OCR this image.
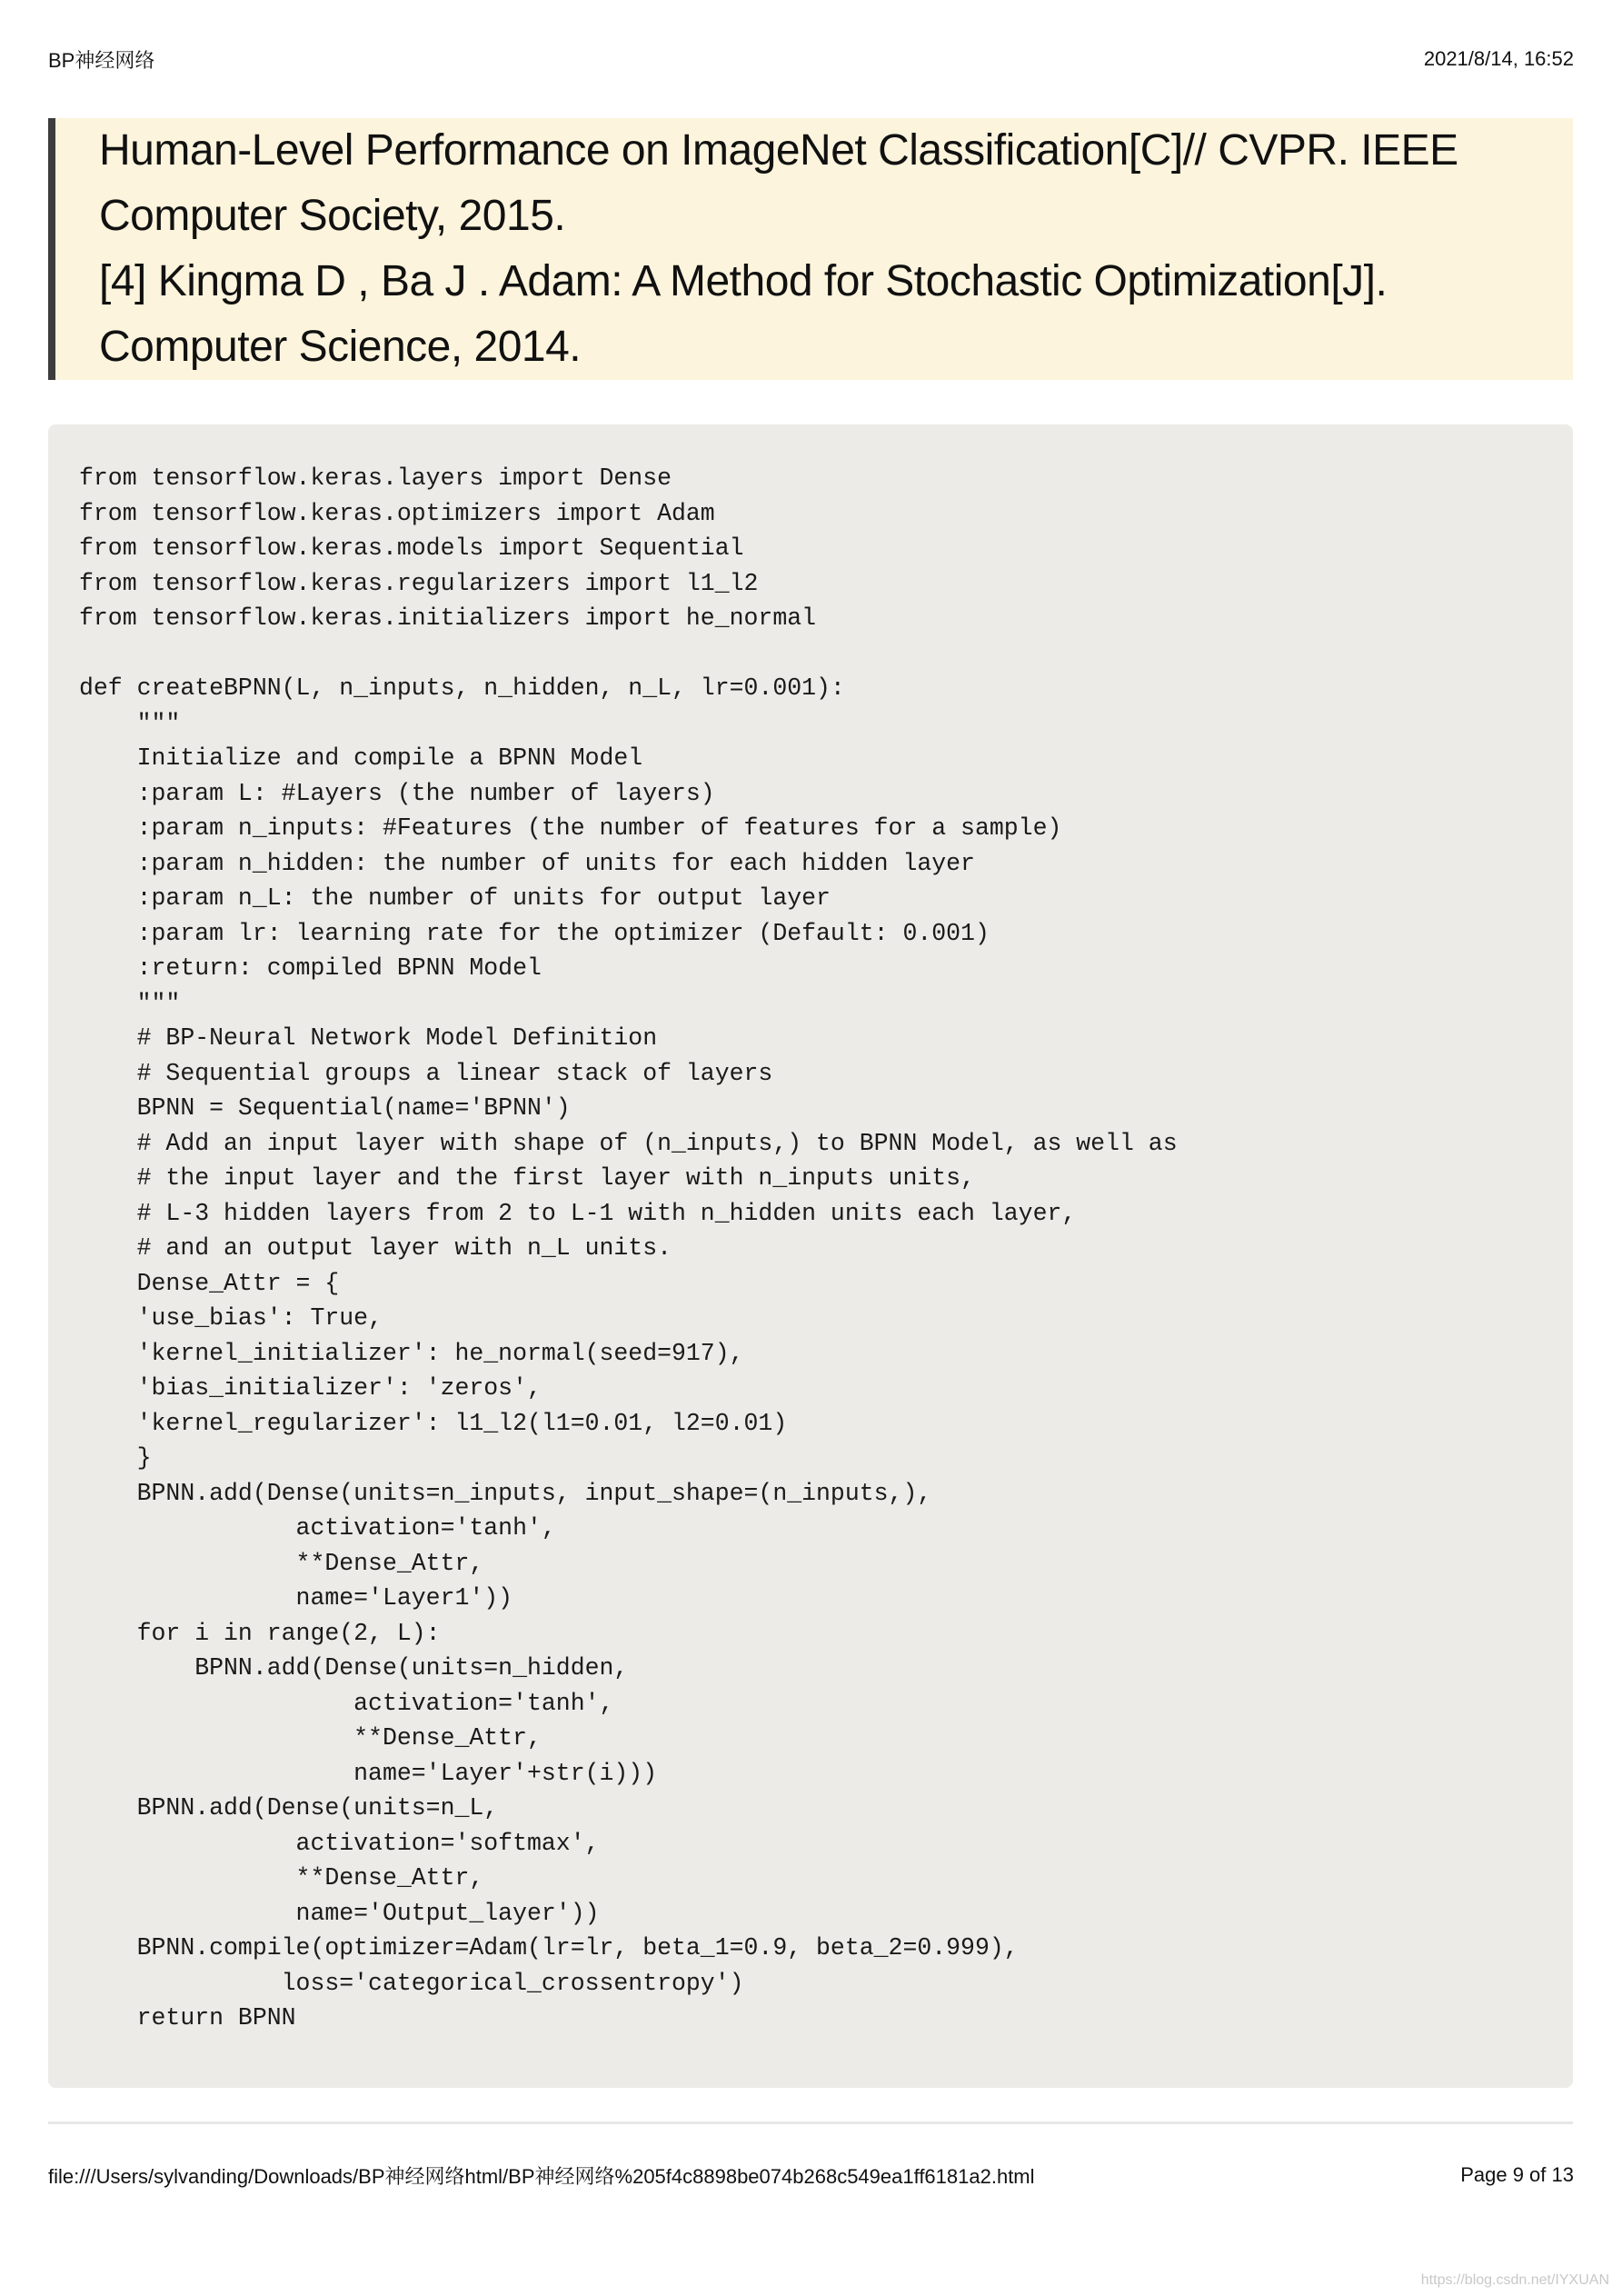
BP神经网络	2021/8/14, 16:52
Human-Level Performance on ImageNet Classification[C]// CVPR. IEEE
Computer Society, 2015.
[4] Kingma D , Ba J . Adam: A Method for Stochastic Optimization[J].
Computer Science, 2014.
from tensorflow.keras.layers import Dense
from tensorflow.keras.optimizers import Adam
from tensorflow.keras.models import Sequential
from tensorflow.keras.regularizers import l1_l2
from tensorflow.keras.initializers import he_normal

def createBPNN(L, n_inputs, n_hidden, n_L, lr=0.001):
"""
Initialize and compile a BPNN Model
:param L: #Layers (the number of layers)
:param n_inputs: #Features (the number of features for a sample)
:param n_hidden: the number of units for each hidden layer
:param n_L: the number of units for output layer
:param lr: learning rate for the optimizer (Default: 0.001)
:return: compiled BPNN Model
"""
# BP-Neural Network Model Definition
# Sequential groups a linear stack of layers
BPNN = Sequential(name='BPNN')
# Add an input layer with shape of (n_inputs,) to BPNN Model, as well as
# the input layer and the first layer with n_inputs units,
# L-3 hidden layers from 2 to L-1 with n_hidden units each layer,
# and an output layer with n_L units.
Dense_Attr = {
'use_bias': True,
'kernel_initializer': he_normal(seed=917),
'bias_initializer': 'zeros',
'kernel_regularizer': l1_l2(l1=0.01, l2=0.01)
}
BPNN.add(Dense(units=n_inputs, input_shape=(n_inputs,),
activation='tanh',
**Dense_Attr,
name='Layer1'))
for i in range(2, L):
BPNN.add(Dense(units=n_hidden,
activation='tanh',
**Dense_Attr,
name='Layer'+str(i)))
BPNN.add(Dense(units=n_L,
activation='softmax',
**Dense_Attr,
name='Output_layer'))
BPNN.compile(optimizer=Adam(lr=lr, beta_1=0.9, beta_2=0.999),
loss='categorical_crossentropy')
return BPNN
file:///Users/sylvanding/Downloads/BP神经网络html/BP神经网络%205f4c8898be074b268c549ea1ff6181a2.html	Page 9 of 13
https://blog.csdn.net/IYXUAN
